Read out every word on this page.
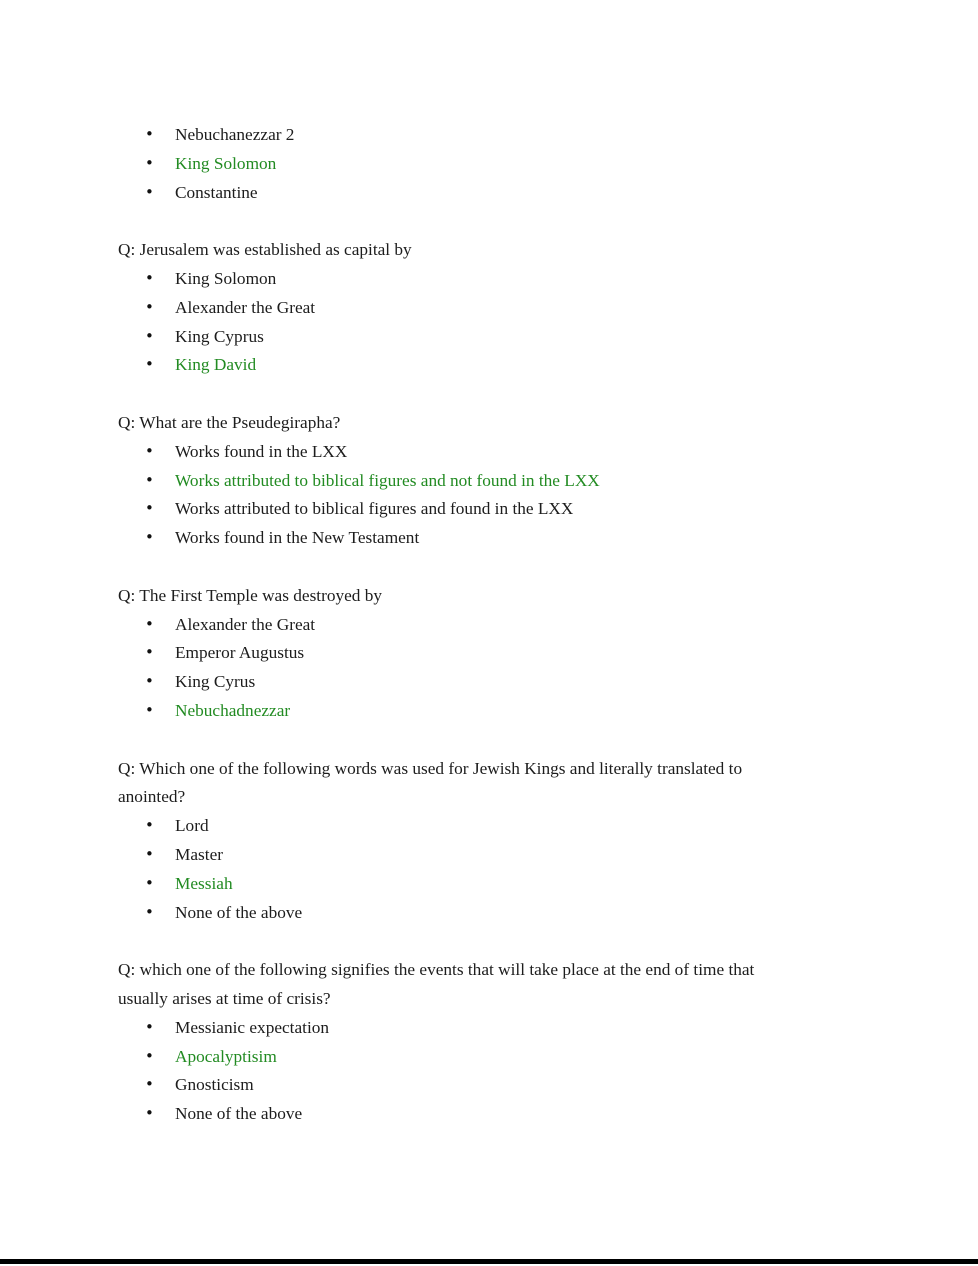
• Nebuchanezzar 2
• King Solomon
• Constantine

Q: Jerusalem was established as capital by

• King Solomon
• Alexander the Great
• King Cyprus
• King David

Q: What are the Pseudegirapha?

• Works found in the LXX
• Works attributed to biblical figures and not found in the LXX
• Works attributed to biblical figures and found in the LXX
• Works found in the New Testament

Q: The First Temple was destroyed by

• Alexander the Great
• Emperor Augustus
• King Cyrus
• Nebuchadnezzar

Q: Which one of the following words was used for Jewish Kings and literally translated to
anointed?

• Lord
• Master
• Messiah
• None of the above

Q: which one of the following signifies the events that will take place at the end of time that
usually arises at time of crisis?

• Messianic expectation
• Apocalyptisim
• Gnosticism
• None of the above
